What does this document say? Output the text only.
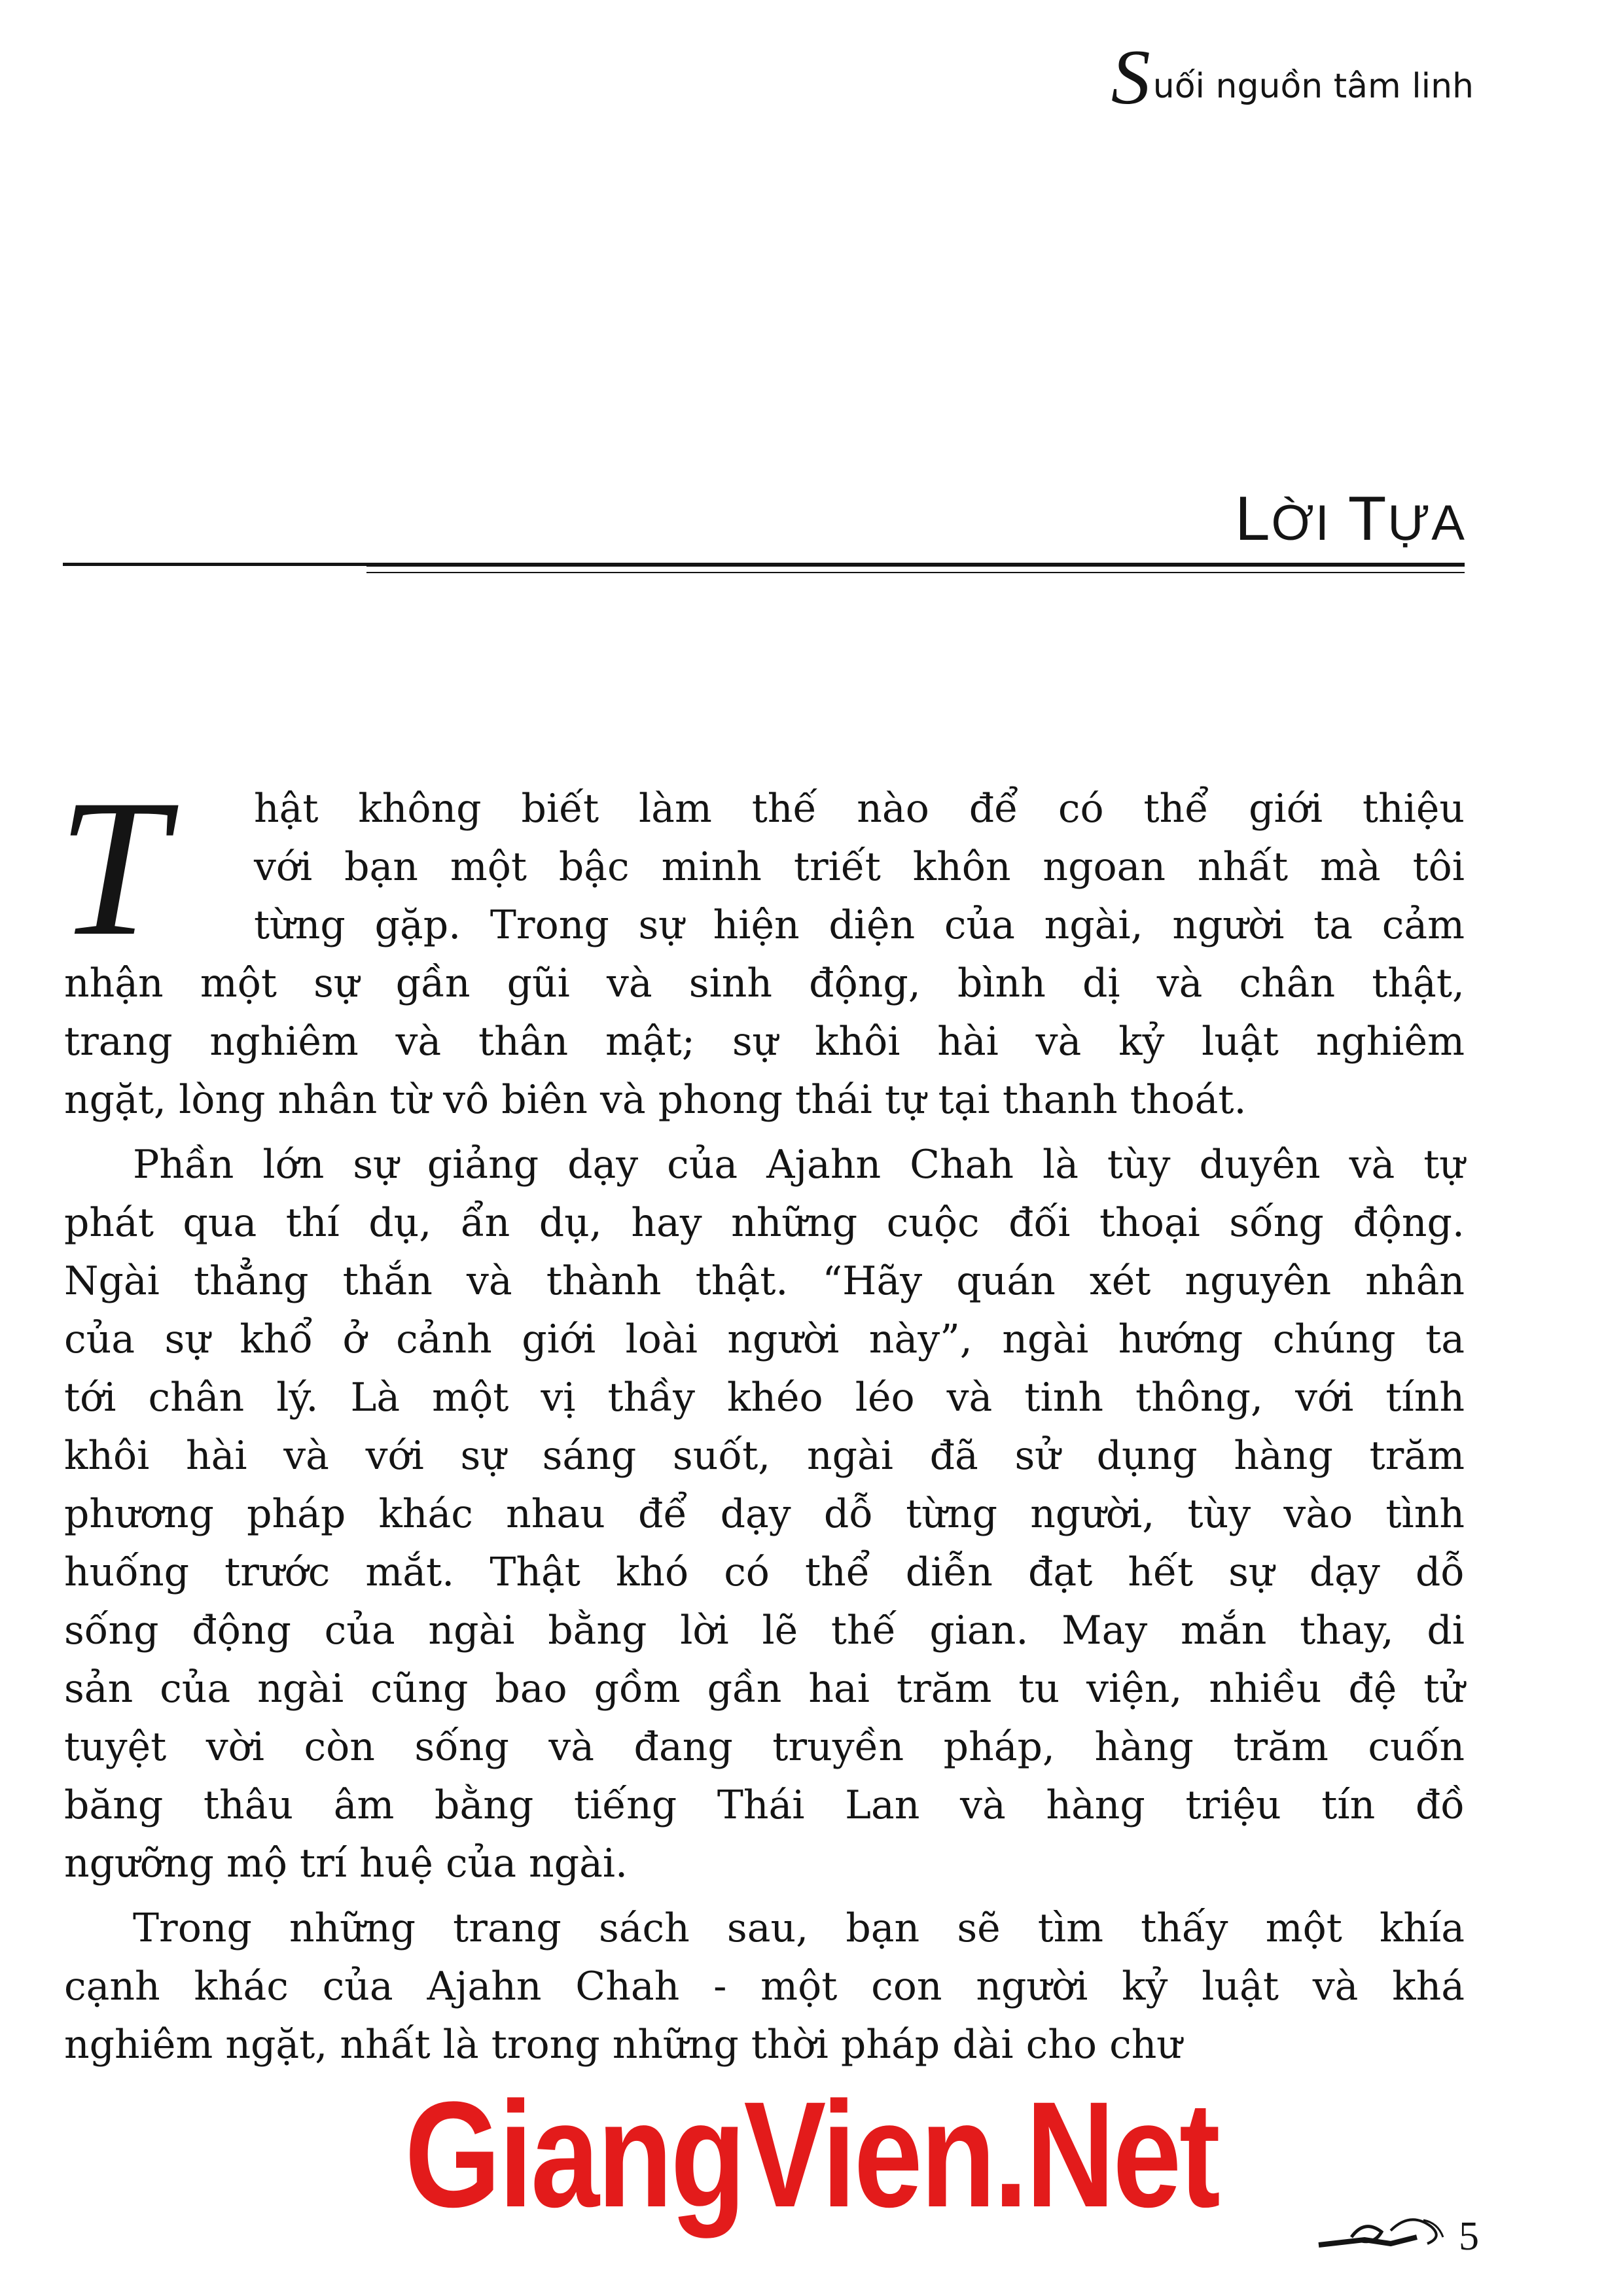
S uối nguồn tâm linh
LỜI TỰA
T	hật không biết làm thế nào để có thể giới thiệu
với bạn một bậc minh triết khôn ngoan nhất mà tôi
từng gặp. Trong sự hiện diện của ngài, người ta cảm
nhận một sự gần gũi và sinh động, bình dị và chân thật,
trang nghiêm và thân mật; sự khôi hài và kỷ luật nghiêm
ngặt, lòng nhân từ vô biên và phong thái tự tại thanh thoát.
Phần lớn sự giảng dạy của Ajahn Chah là tùy duyên và tự
phát qua thí dụ, ẩn dụ, hay những cuộc đối thoại sống động.
Ngài thẳng thắn và thành thật. “Hãy quán xét nguyên nhân
của sự khổ ở cảnh giới loài người này”, ngài hướng chúng ta
tới chân lý. Là một vị thầy khéo léo và tinh thông, với tính
khôi hài và với sự sáng suốt, ngài đã sử dụng hàng trăm
phương pháp khác nhau để dạy dỗ từng người, tùy vào tình
huống trước mắt. Thật khó có thể diễn đạt hết sự dạy dỗ
sống động của ngài bằng lời lẽ thế gian. May mắn thay, di
sản của ngài cũng bao gồm gần hai trăm tu viện, nhiều đệ tử
tuyệt vời còn sống và đang truyền pháp, hàng trăm cuốn
băng thâu âm bằng tiếng Thái Lan và hàng triệu tín đồ
ngưỡng mộ trí huệ của ngài.
Trong những trang sách sau, bạn sẽ tìm thấy một khía
cạnh khác của Ajahn Chah - một con người kỷ luật và khá
nghiêm ngặt, nhất là trong những thời pháp dài cho chư
GiangVien.Net	5
